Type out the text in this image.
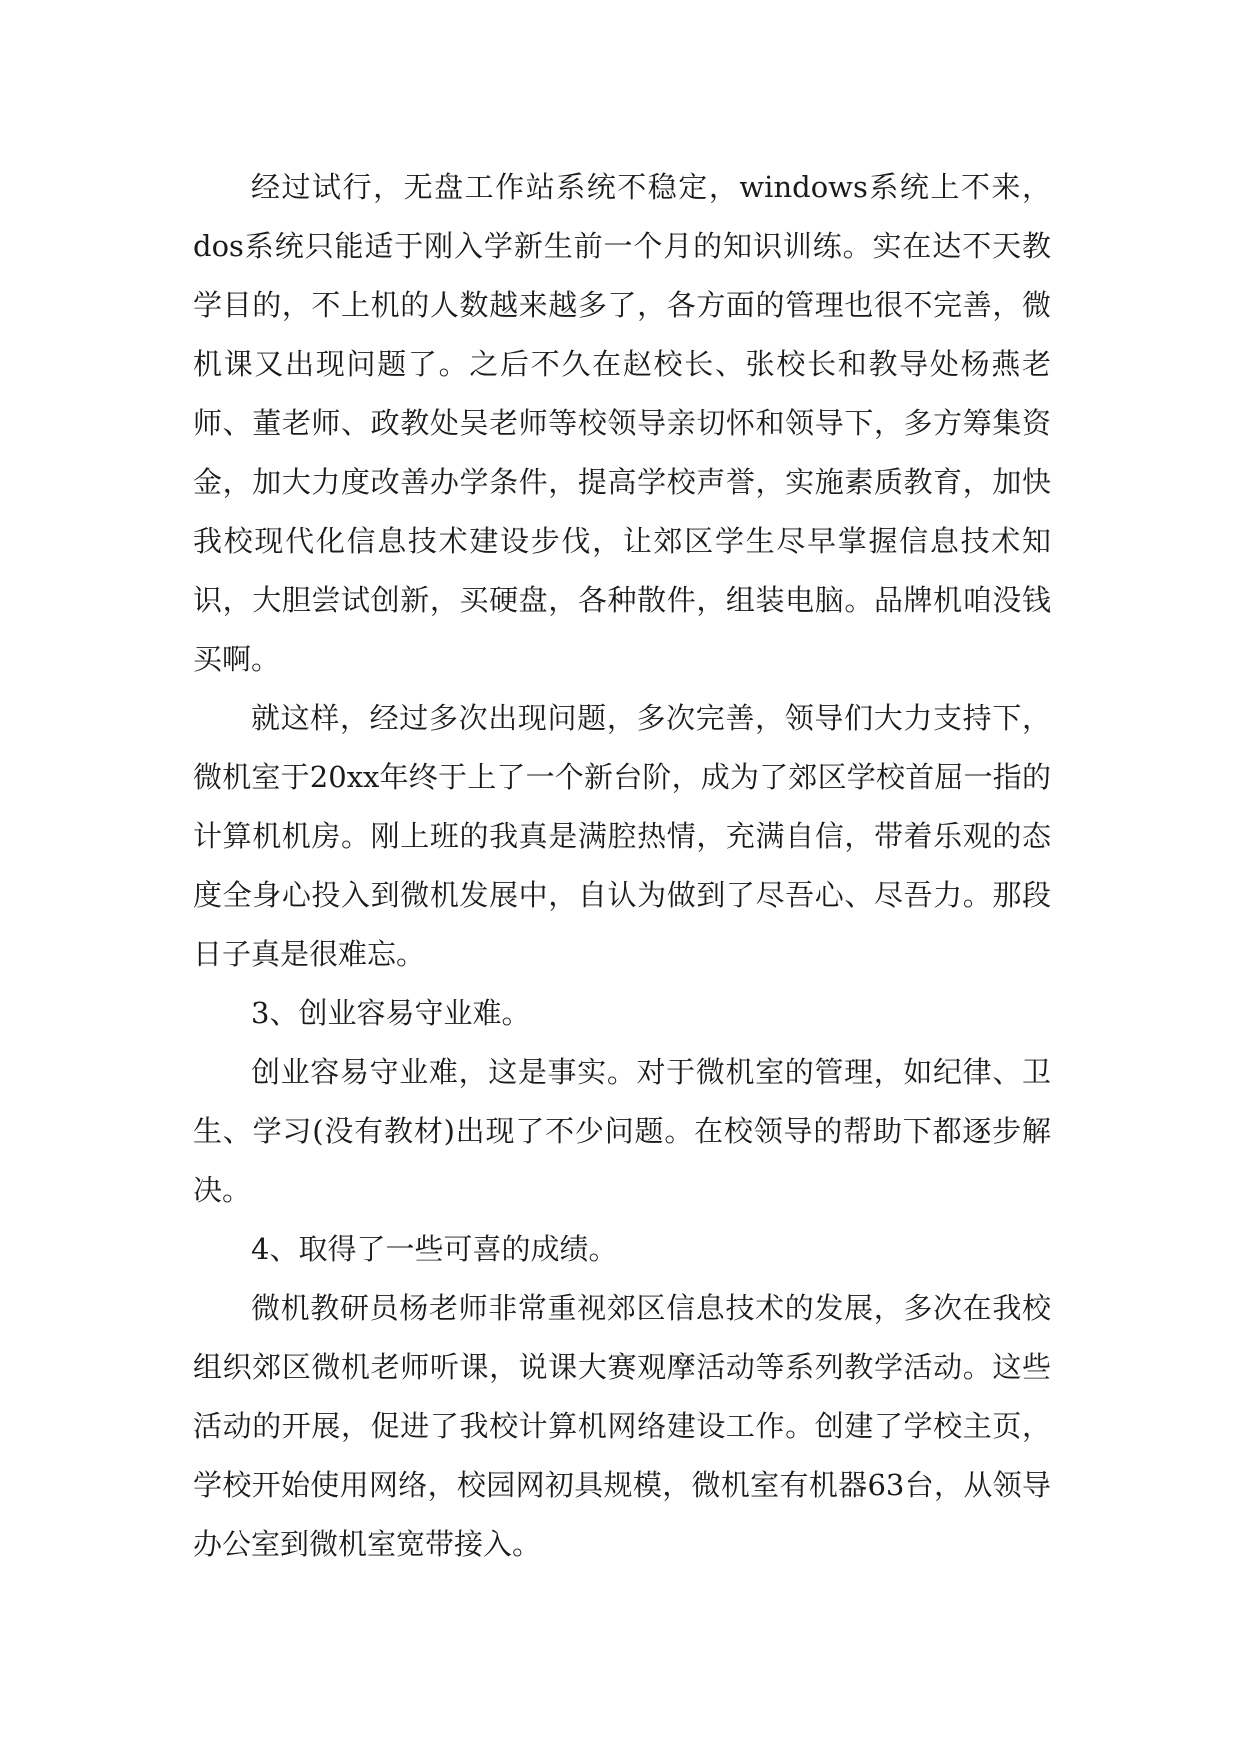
经过试行，无盘工作站系统不稳定，windows系统上不来，dos系统只能适于刚入学新生前一个月的知识训练。实在达不天教学目的，不上机的人数越来越多了，各方面的管理也很不完善，微机课又出现问题了。之后不久在赵校长、张校长和教导处杨燕老师、董老师、政教处吴老师等校领导亲切怀和领导下，多方筹集资金，加大力度改善办学条件，提高学校声誉，实施素质教育，加快我校现代化信息技术建设步伐，让郊区学生尽早掌握信息技术知识，大胆尝试创新，买硬盘，各种散件，组装电脑。品牌机咱没钱买啊。

就这样，经过多次出现问题，多次完善，领导们大力支持下，微机室于20xx年终于上了一个新台阶，成为了郊区学校首屈一指的计算机机房。刚上班的我真是满腔热情，充满自信，带着乐观的态度全身心投入到微机发展中，自认为做到了尽吾心、尽吾力。那段日子真是很难忘。

3、创业容易守业难。

创业容易守业难，这是事实。对于微机室的管理，如纪律、卫生、学习(没有教材)出现了不少问题。在校领导的帮助下都逐步解决。

4、取得了一些可喜的成绩。

微机教研员杨老师非常重视郊区信息技术的发展，多次在我校组织郊区微机老师听课，说课大赛观摩活动等系列教学活动。这些活动的开展，促进了我校计算机网络建设工作。创建了学校主页，学校开始使用网络，校园网初具规模，微机室有机器63台，从领导办公室到微机室宽带接入。
